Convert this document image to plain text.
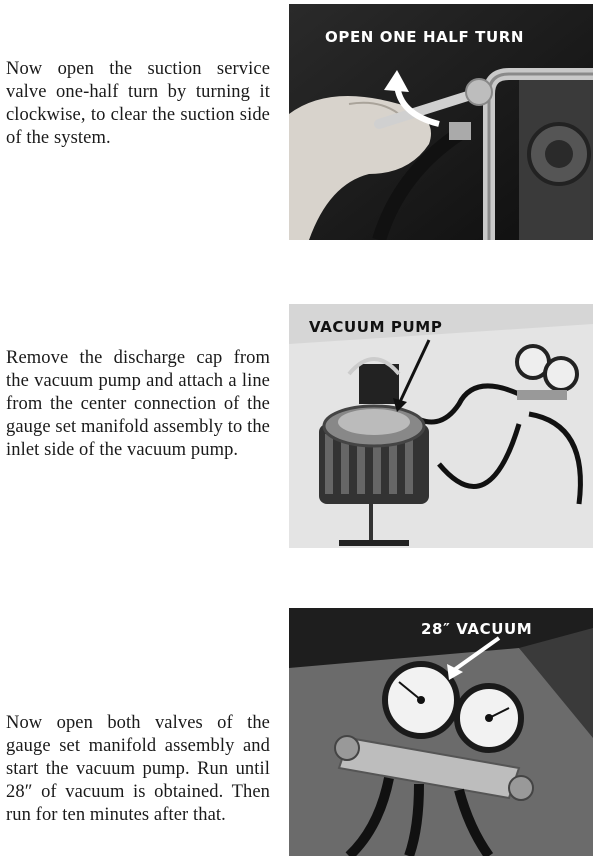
Now open the suction service valve one-half turn by turning it clockwise, to clear the suction side of the system.

OPEN ONE HALF TURN

Remove the discharge cap from the vacuum pump and attach a line from the center connection of the gauge set manifold assembly to the inlet side of the vacuum pump.

VACUUM PUMP

Now open both valves of the gauge set manifold assembly and start the vacuum pump. Run until 28″ of vacuum is obtained. Then run for ten minutes after that.

28″ VACUUM
